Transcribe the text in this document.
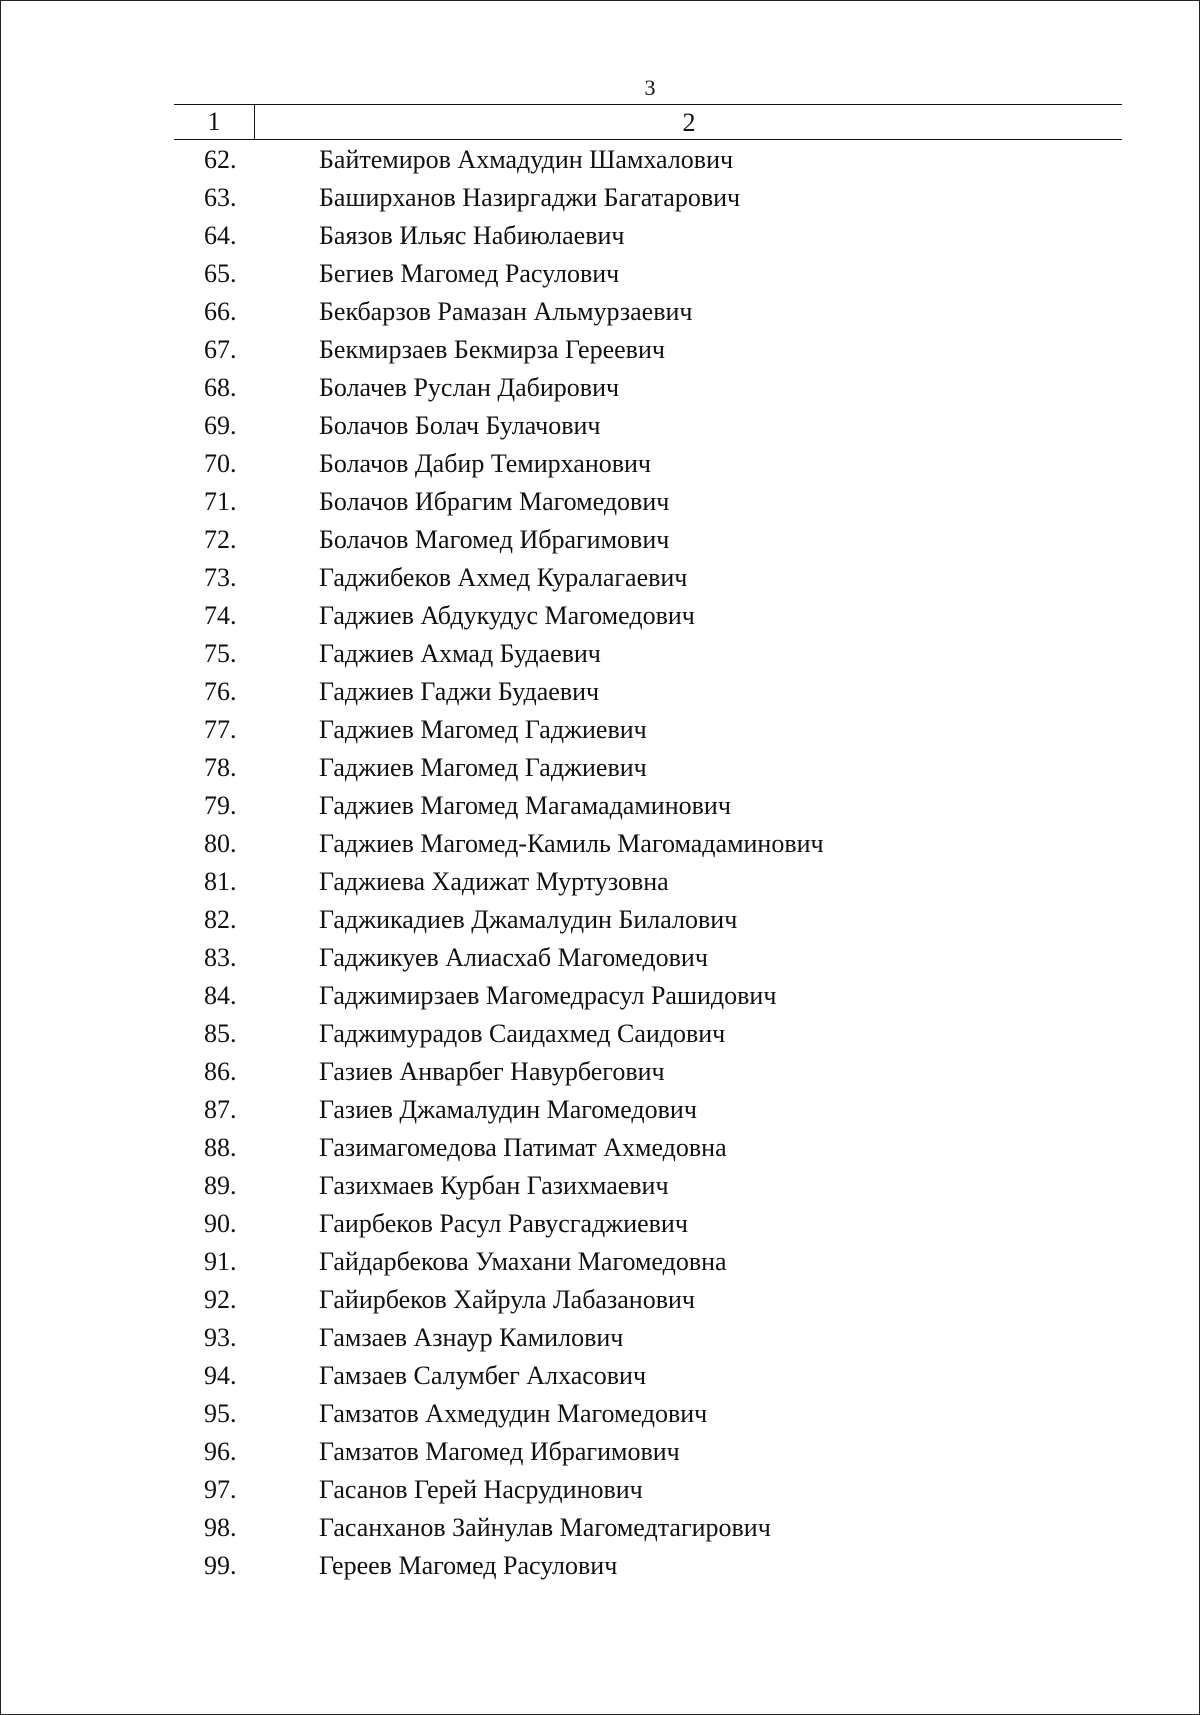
3
1	2
62.	Байтемиров Ахмадудин Шамхалович
63.	Баширханов Назиргаджи Багатарович
64.	Баязов Ильяс Набиюлаевич
65.	Бегиев Магомед Расулович
66.	Бекбарзов Рамазан Альмурзаевич
67.	Бекмирзаев Бекмирза Гереевич
68.	Болачев Руслан Дабирович
69.	Болачов Болач Булачович
70.	Болачов Дабир Темирханович
71.	Болачов Ибрагим Магомедович
72.	Болачов Магомед Ибрагимович
73.	Гаджибеков Ахмед Куралагаевич
74.	Гаджиев Абдукудус Магомедович
75.	Гаджиев Ахмад Будаевич
76.	Гаджиев Гаджи Будаевич
77.	Гаджиев Магомед Гаджиевич
78.	Гаджиев Магомед Гаджиевич
79.	Гаджиев Магомед Магамадаминович
80.	Гаджиев Магомед-Камиль Магомадаминович
81.	Гаджиева Хадижат Муртузовна
82.	Гаджикадиев Джамалудин Билалович
83.	Гаджикуев Алиасхаб Магомедович
84.	Гаджимирзаев Магомедрасул Рашидович
85.	Гаджимурадов Саидахмед Саидович
86.	Газиев Анварбег Навурбегович
87.	Газиев Джамалудин Магомедович
88.	Газимагомедова Патимат Ахмедовна
89.	Газихмаев Курбан Газихмаевич
90.	Гаирбеков Расул Равусгаджиевич
91.	Гайдарбекова Умахани Магомедовна
92.	Гайирбеков Хайрула Лабазанович
93.	Гамзаев Азнаур Камилович
94.	Гамзаев Салумбег Алхасович
95.	Гамзатов Ахмедудин Магомедович
96.	Гамзатов Магомед Ибрагимович
97.	Гасанов Герей Насрудинович
98.	Гасанханов Зайнулав Магомедтагирович
99.	Гереев Магомед Расулович
